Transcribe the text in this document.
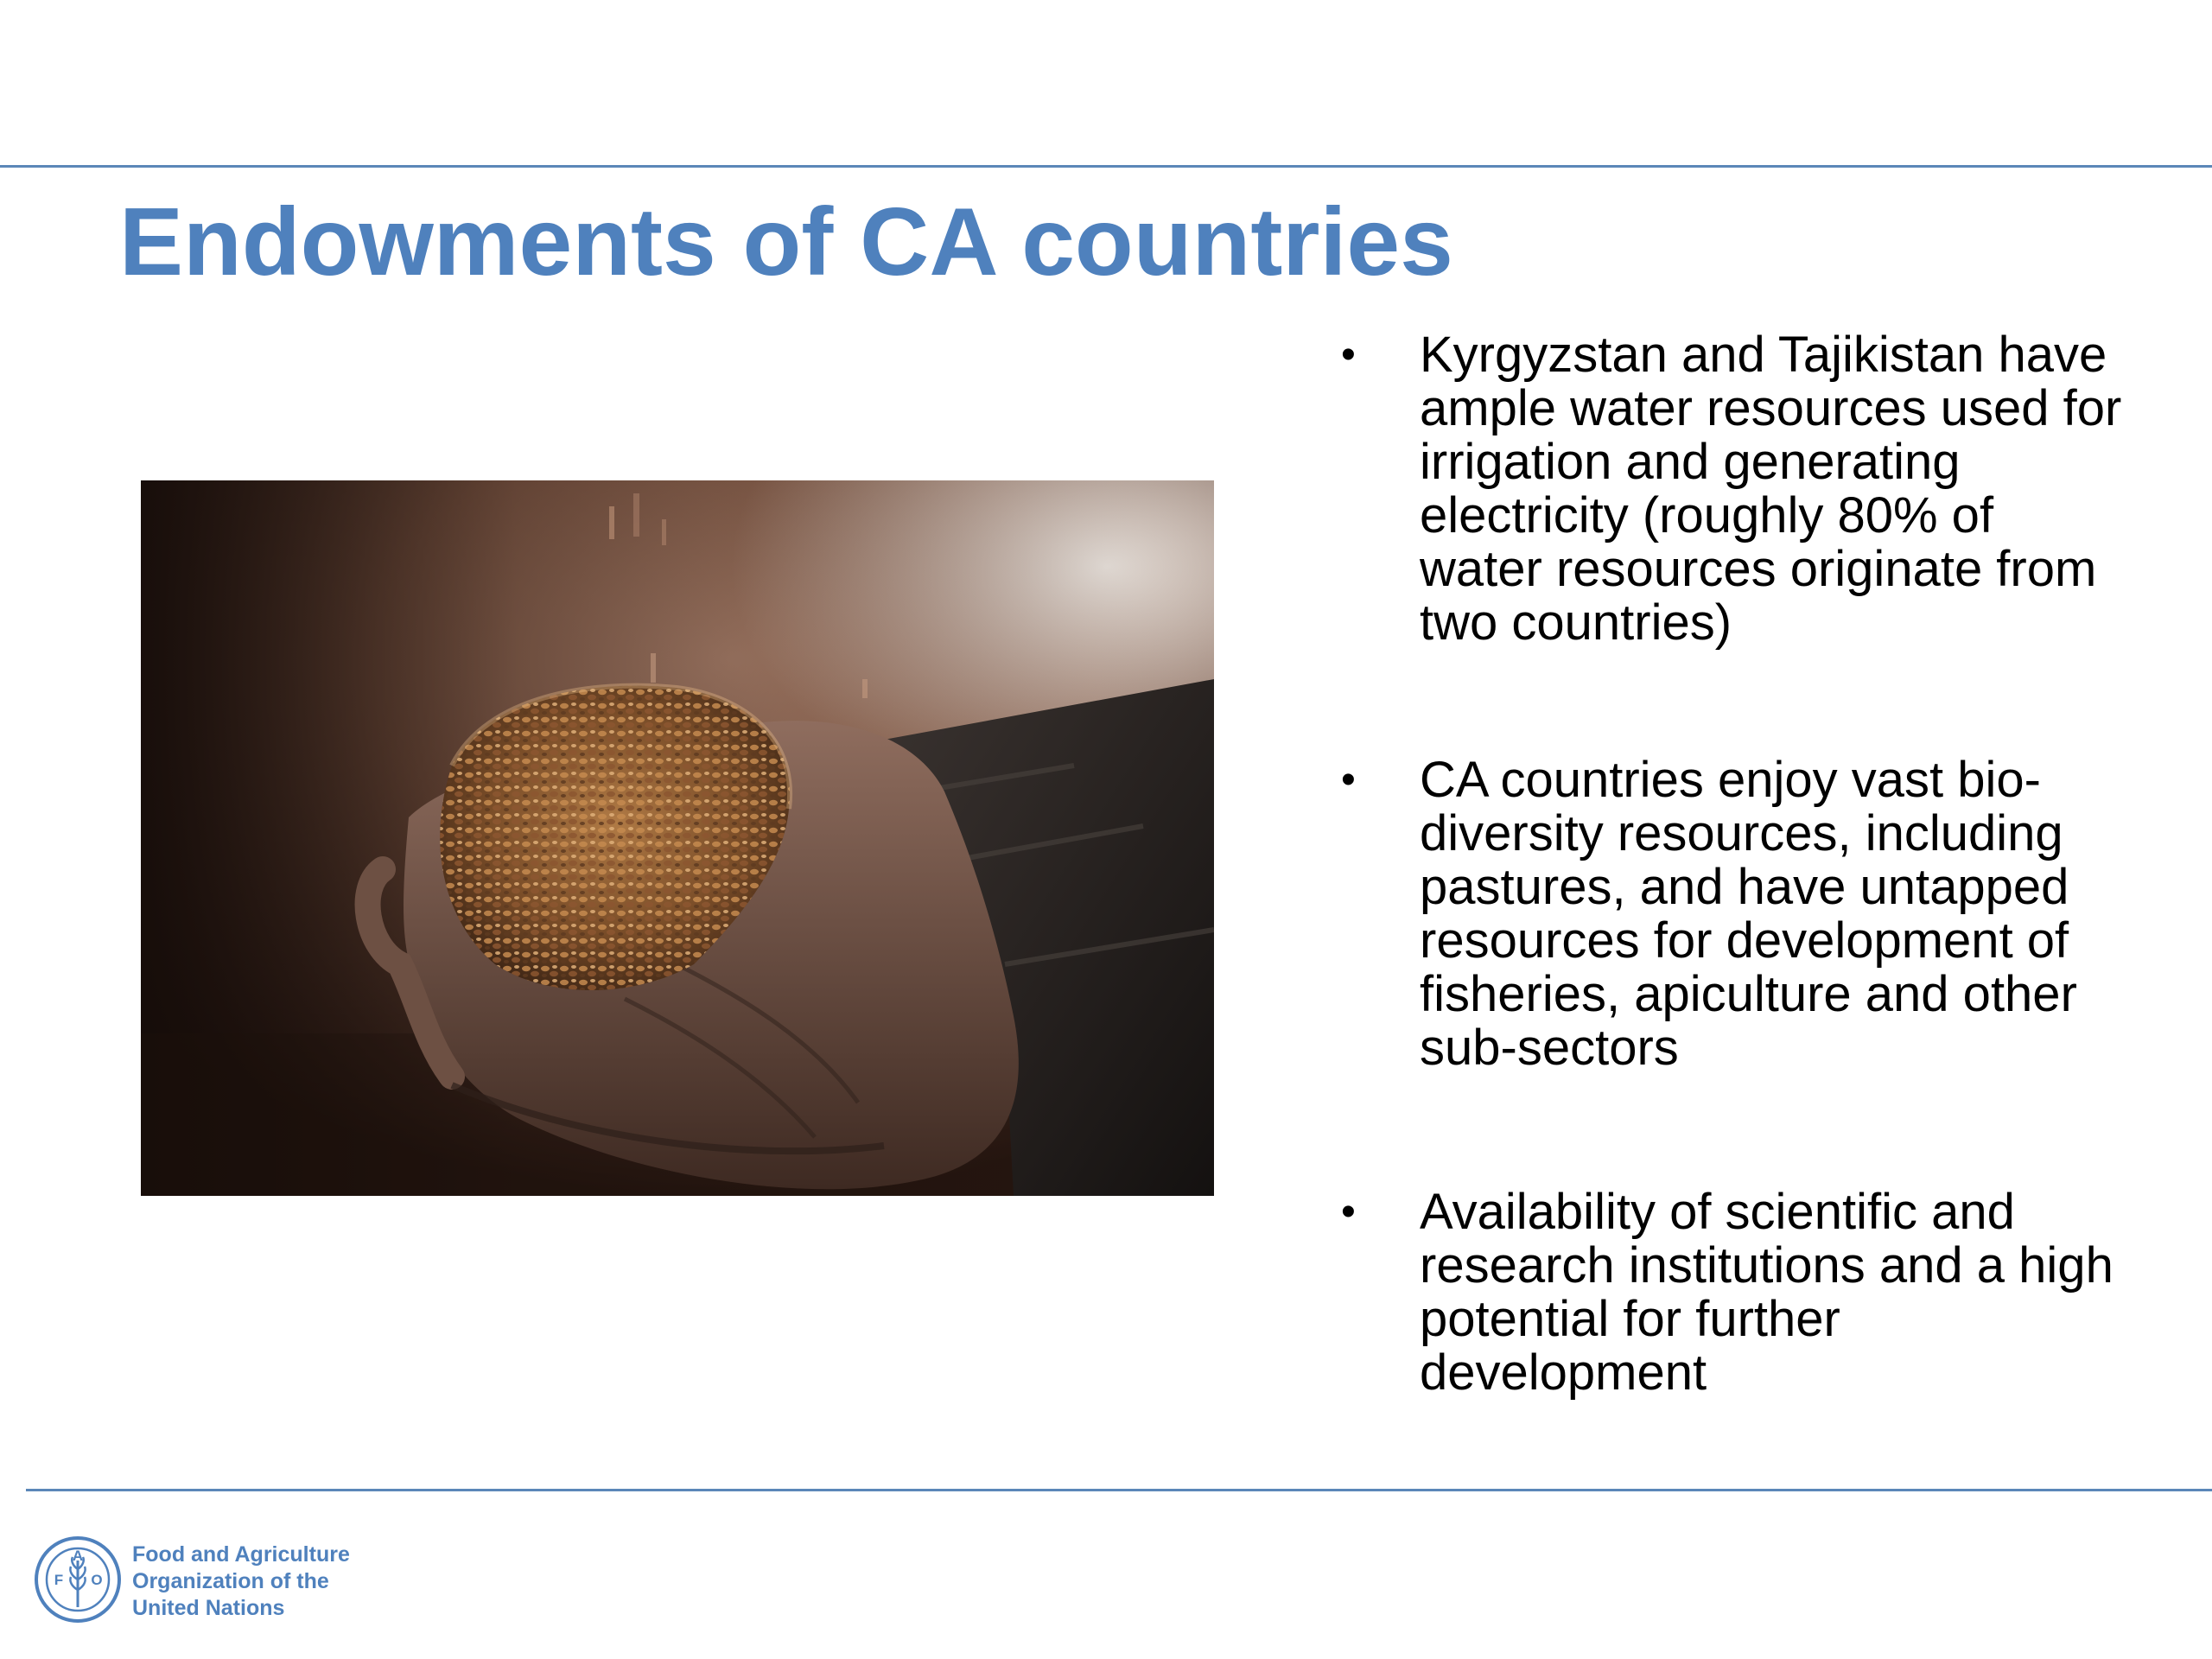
Endowments of CA countries
• Kyrgyzstan and Tajikistan have ample water resources used for irrigation and generating electricity (roughly 80% of water resources originate from two countries)
• CA countries enjoy vast bio-diversity resources, including pastures, and have untapped resources for development of fisheries, apiculture and other sub-sectors
• Availability of scientific and research institutions and a high potential for further development
F
A
O
Food and Agriculture
Organization of the
United Nations
